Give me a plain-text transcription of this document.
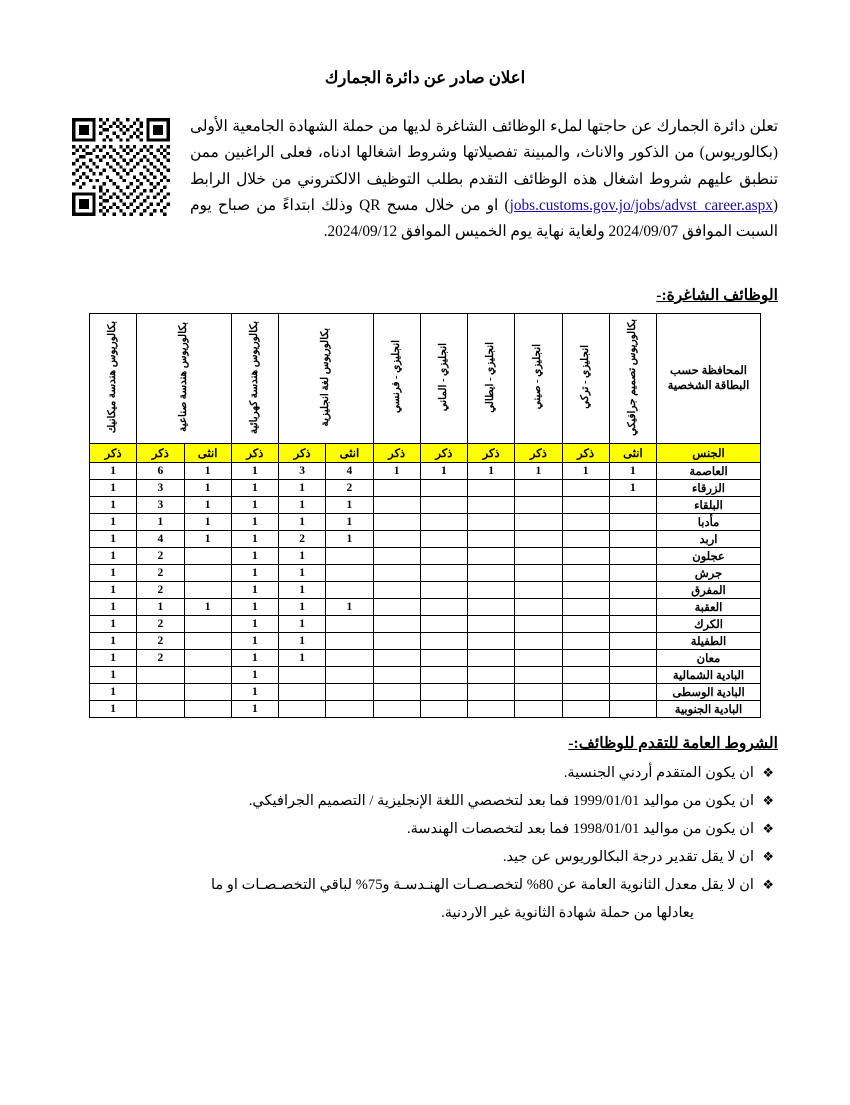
اعلان صادر عن دائرة الجمارك
تعلن دائرة الجمارك عن حاجتها لملء الوظائف الشاغرة لديها من حملة الشهادة الجامعية الأولى (بكالوريوس) من الذكور والاناث، والمبينة تفصيلاتها وشروط اشغالها ادناه، فعلى الراغبين ممن تنطبق عليهم شروط اشغال هذه الوظائف التقدم بطلب التوظيف الالكتروني من خلال الرابط (jobs.customs.gov.jo/jobs/advst_career.aspx) او من خلال مسح QR وذلك ابتداءً من صباح يوم السبت الموافق 2024/09/07 ولغاية نهاية يوم الخميس الموافق 2024/09/12.
الوظائف الشاغرة:-
المحافظة حسب البطاقة الشخصية	بكالوريوس تصميم جرافيكي	انجليزي - تركي	انجليزي - صيني	انجليزي - ايطالي	انجليزي - الماني	انجليزي - فرنسي	بكالوريوس لغة انجليزية		بكالوريوس هندسة كهربائية	بكالوريوس هندسة صناعية		بكالوريوس هندسة ميكانيك
الجنس	انثى	ذكر	ذكر	ذكر	ذكر	ذكر	انثى	ذكر	ذكر	انثى	ذكر	ذكر
العاصمة	1	1	1	1	1	1	4	3	1	1	6	1
الزرقاء	1						2	1	1	1	3	1
البلقاء							1	1	1	1	3	1
مأدبا							1	1	1	1	1	1
اربد							1	2	1	1	4	1
عجلون								1	1		2	1
جرش								1	1		2	1
المفرق								1	1		2	1
العقبة							1	1	1	1	1	1
الكرك								1	1		2	1
الطفيلة								1	1		2	1
معان								1	1		2	1
البادية الشمالية									1			1
البادية الوسطى									1			1
البادية الجنوبية									1			1
الشروط العامة للتقدم للوظائف:-
❖
ان يكون المتقدم أردني الجنسية.
❖
ان يكون من مواليد 1999/01/01 فما بعد لتخصصي اللغة الإنجليزية / التصميم الجرافيكي.
❖
ان يكون من مواليد 1998/01/01 فما بعد لتخصصات الهندسة.
❖
ان لا يقل تقدير درجة البكالوريوس عن جيد.
❖
ان لا يقل معدل الثانوية العامة عن 80% لتخصـصـات الهنـدسـة و75% لباقي التخصـصـات او ما
يعادلها من حملة شهادة الثانوية غير الاردنية.
